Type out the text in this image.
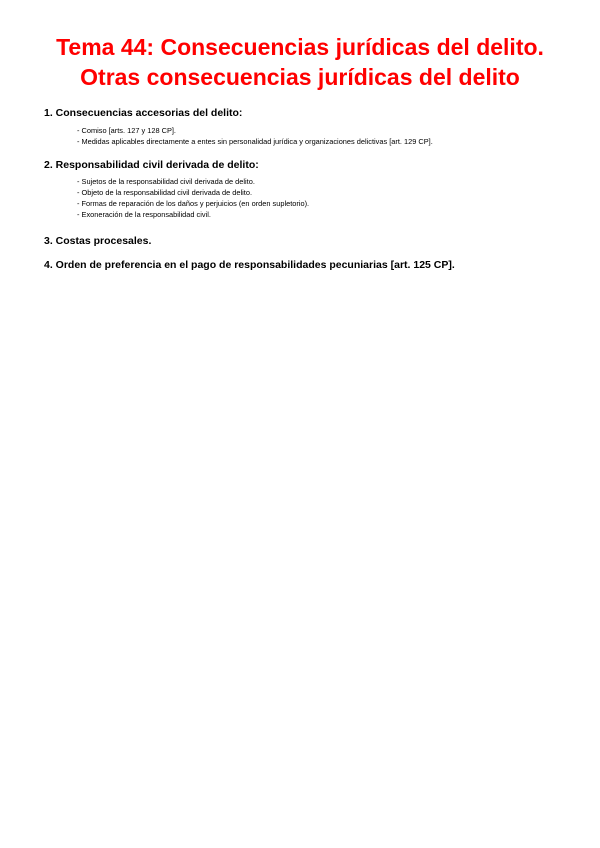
Tema 44: Consecuencias jurídicas del delito.
Otras consecuencias jurídicas del delito

1. Consecuencias accesorias del delito:

- Comiso [arts. 127 y 128 CP].
- Medidas aplicables directamente a entes sin personalidad jurídica y organizaciones delictivas [art. 129 CP].

2. Responsabilidad civil derivada de delito:

- Sujetos de la responsabilidad civil derivada de delito.
- Objeto de la responsabilidad civil derivada de delito.
- Formas de reparación de los daños y perjuicios (en orden supletorio).
- Exoneración de la responsabilidad civil.

3. Costas procesales.

4. Orden de preferencia en el pago de responsabilidades pecuniarias [art. 125 CP].
